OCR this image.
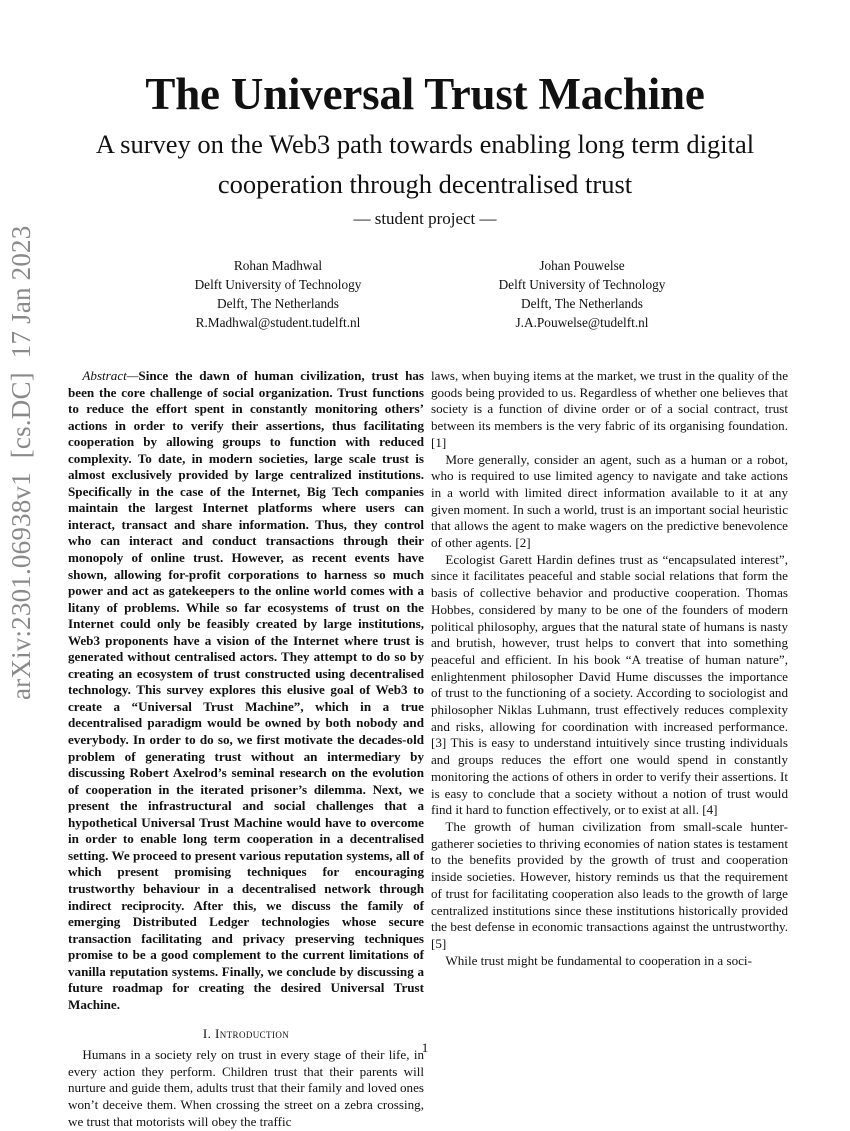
The Universal Trust Machine
A survey on the Web3 path towards enabling long term digital cooperation through decentralised trust
— student project —
Rohan Madhwal
Delft University of Technology
Delft, The Netherlands
R.Madhwal@student.tudelft.nl
Johan Pouwelse
Delft University of Technology
Delft, The Netherlands
J.A.Pouwelse@tudelft.nl
arXiv:2301.06938v1  [cs.DC]  17 Jan 2023	Abstract—Since the dawn of human civilization, trust has been the core challenge of social organization. Trust functions to reduce the effort spent in constantly monitoring others’ actions in order to verify their assertions, thus facilitating cooperation by allowing groups to function with reduced complexity. To date, in modern societies, large scale trust is almost exclusively provided by large centralized institutions. Specifically in the case of the Internet, Big Tech companies maintain the largest Internet platforms where users can interact, transact and share information. Thus, they control who can interact and conduct transactions through their monopoly of online trust. However, as recent events have shown, allowing for-profit corporations to harness so much power and act as gatekeepers to the online world comes with a litany of problems. While so far ecosystems of trust on the Internet could only be feasibly created by large institutions, Web3 proponents have a vision of the Internet where trust is generated without centralised actors. They attempt to do so by creating an ecosystem of trust constructed using decentralised technology. This survey explores this elusive goal of Web3 to create a “Universal Trust Machine”, which in a true decentralised paradigm would be owned by both nobody and everybody. In order to do so, we first motivate the decades-old problem of generating trust without an intermediary by discussing Robert Axelrod’s seminal research on the evolution of cooperation in the iterated prisoner’s dilemma. Next, we present the infrastructural and social challenges that a hypothetical Universal Trust Machine would have to overcome in order to enable long term cooperation in a decentralised setting. We proceed to present various reputation systems, all of which present promising techniques for encouraging trustworthy behaviour in a decentralised network through indirect reciprocity. After this, we discuss the family of emerging Distributed Ledger technologies whose secure transaction facilitating and privacy preserving techniques promise to be a good complement to the current limitations of vanilla reputation systems. Finally, we conclude by discussing a future roadmap for creating the desired Universal Trust Machine.

I. Introduction

Humans in a society rely on trust in every stage of their life, in every action they perform. Children trust that their parents will nurture and guide them, adults trust that their family and loved ones won’t deceive them. When crossing the street on a zebra crossing, we trust that motorists will obey the traffic

laws, when buying items at the market, we trust in the quality of the goods being provided to us. Regardless of whether one believes that society is a function of divine order or of a social contract, trust between its members is the very fabric of its organising foundation. [1]

More generally, consider an agent, such as a human or a robot, who is required to use limited agency to navigate and take actions in a world with limited direct information available to it at any given moment. In such a world, trust is an important social heuristic that allows the agent to make wagers on the predictive benevolence of other agents. [2]

Ecologist Garett Hardin defines trust as “encapsulated interest”, since it facilitates peaceful and stable social relations that form the basis of collective behavior and productive cooperation. Thomas Hobbes, considered by many to be one of the founders of modern political philosophy, argues that the natural state of humans is nasty and brutish, however, trust helps to convert that into something peaceful and efficient. In his book “A treatise of human nature”, enlightenment philosopher David Hume discusses the importance of trust to the functioning of a society. According to sociologist and philosopher Niklas Luhmann, trust effectively reduces complexity and risks, allowing for coordination with increased performance. [3] This is easy to understand intuitively since trusting individuals and groups reduces the effort one would spend in constantly monitoring the actions of others in order to verify their assertions. It is easy to conclude that a society without a notion of trust would find it hard to function effectively, or to exist at all. [4]

The growth of human civilization from small-scale hunter-gatherer societies to thriving economies of nation states is testament to the benefits provided by the growth of trust and cooperation inside societies. However, history reminds us that the requirement of trust for facilitating cooperation also leads to the growth of large centralized institutions since these institutions historically provided the best defense in economic transactions against the untrustworthy. [5]

While trust might be fundamental to cooperation in a soci-

1
